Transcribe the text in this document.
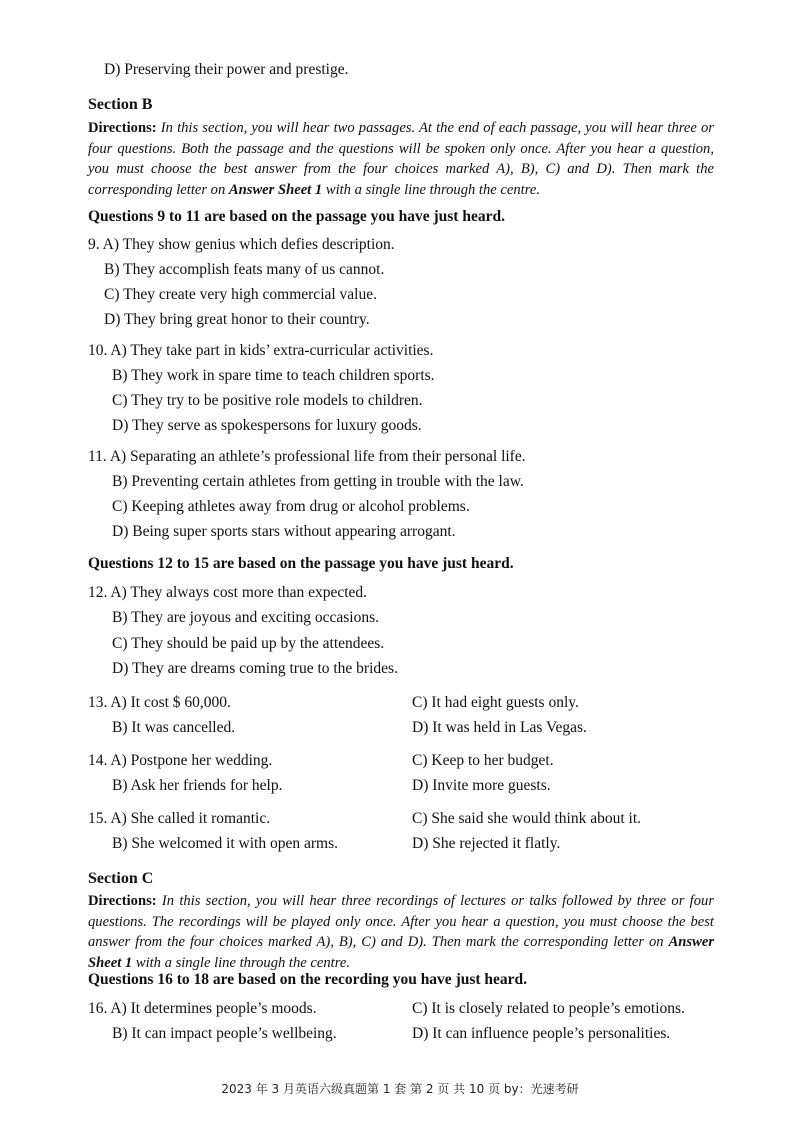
D) Preserving their power and prestige.
Section B
Directions: In this section, you will hear two passages. At the end of each passage, you will hear three or four questions. Both the passage and the questions will be spoken only once. After you hear a question, you must choose the best answer from the four choices marked A), B), C) and D). Then mark the corresponding letter on Answer Sheet 1 with a single line through the centre.
Questions 9 to 11 are based on the passage you have just heard.
9. A) They show genius which defies description.
B) They accomplish feats many of us cannot.
C) They create very high commercial value.
D) They bring great honor to their country.
10. A) They take part in kids’ extra-curricular activities.
B) They work in spare time to teach children sports.
C) They try to be positive role models to children.
D) They serve as spokespersons for luxury goods.
11. A) Separating an athlete’s professional life from their personal life.
B) Preventing certain athletes from getting in trouble with the law.
C) Keeping athletes away from drug or alcohol problems.
D) Being super sports stars without appearing arrogant.
Questions 12 to 15 are based on the passage you have just heard.
12. A) They always cost more than expected.
B) They are joyous and exciting occasions.
C) They should be paid up by the attendees.
D) They are dreams coming true to the brides.
13. A) It cost $ 60,000.
B) It was cancelled.
C) It had eight guests only.
D) It was held in Las Vegas.
14. A) Postpone her wedding.
B) Ask her friends for help.
C) Keep to her budget.
D) Invite more guests.
15. A) She called it romantic.
B) She welcomed it with open arms.
C) She said she would think about it.
D) She rejected it flatly.
Section C
Directions: In this section, you will hear three recordings of lectures or talks followed by three or four questions. The recordings will be played only once. After you hear a question, you must choose the best answer from the four choices marked A), B), C) and D). Then mark the corresponding letter on Answer Sheet 1 with a single line through the centre.
Questions 16 to 18 are based on the recording you have just heard.
16. A) It determines people’s moods.
B) It can impact people’s wellbeing.
C) It is closely related to people’s emotions.
D) It can influence people’s personalities.
2023 年 3 月英语六级真题第 1 套 第 2 页 共 10 页 by：光速考研
